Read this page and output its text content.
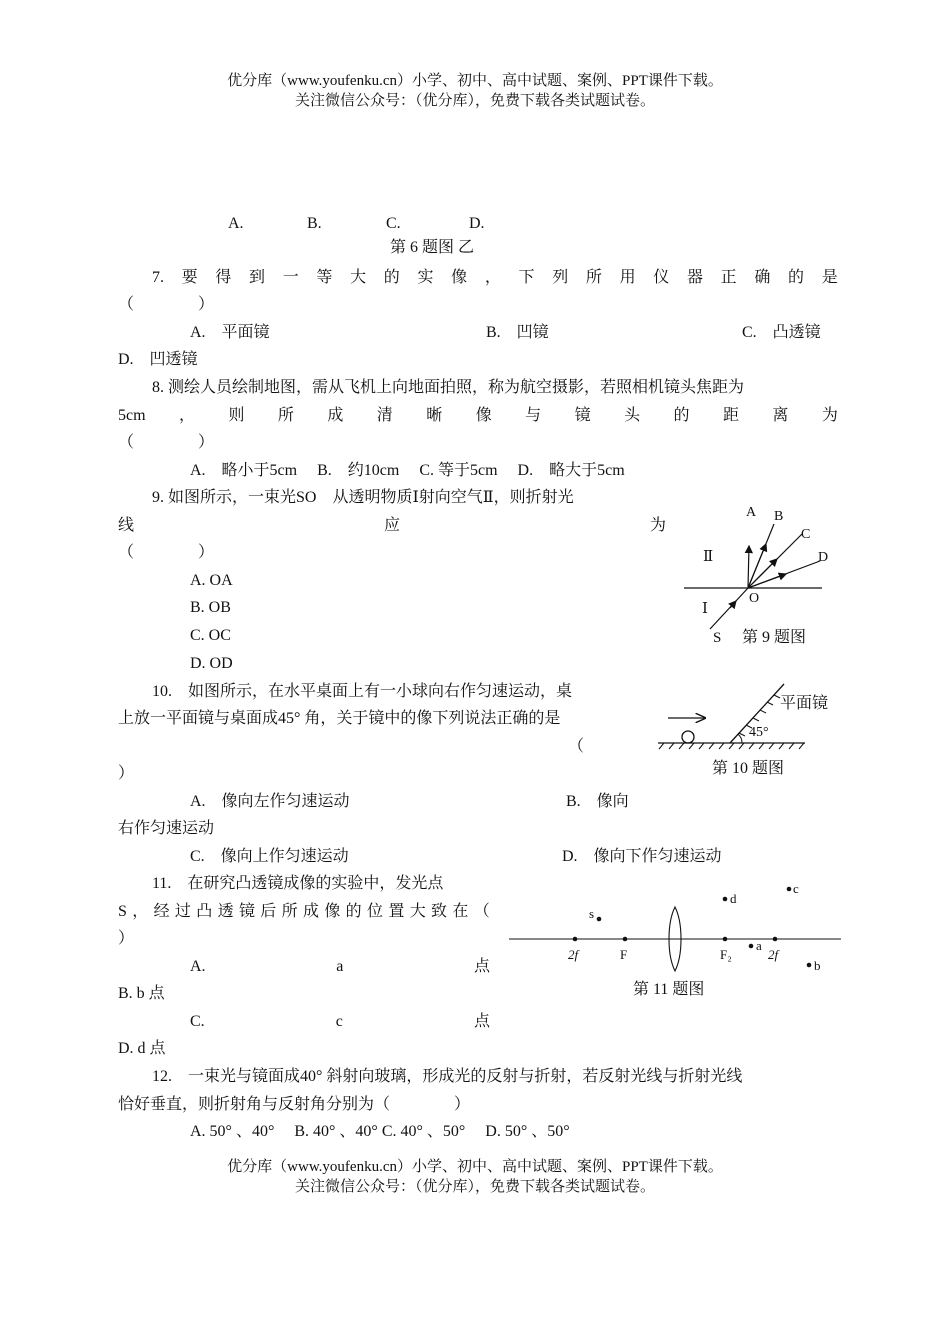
优分库（www.youfenku.cn）小学、初中、高中试题、案例、PPT课件下载。
关注微信公众号：（优分库），免费下载各类试题试卷。
A.	B.	C.	D.
第 6 题图 乙
7. 要 得 到 一 等 大 的 实 像 ， 下 列 所 用 仪 器 正 确 的 是
（　　　　）
A.　平面镜	B.　凹镜	C.　凸透镜
D.　凹透镜
8. 测绘人员绘制地图，需从飞机上向地面拍照，称为航空摄影，若照相机镜头焦距为
5cm ， 则 所 成 清 晰 像 与 镜 头 的 距 离 为
（　　　　）
A.　略小于5cm　 B.　约10cm　 C. 等于5cm　 D.　略大于5cm
9. 如图所示，一束光SO　从透明物质Ⅰ射向空气Ⅱ，则折射光
线	应	为
（　　　　）
A. OA
B. OB
C. OC
D. OD
A B
C
D
O
Ⅱ
Ⅰ
S 第 9 题图
10.　如图所示，在水平桌面上有一小球向右作匀速运动，桌
上放一平面镜与桌面成45° 角，关于镜中的像下列说法正确的是
（
）
A.　像向左作匀速运动	B.　像向
右作匀速运动
C.　像向上作匀速运动	D.　像向下作匀速运动
45°
平面镜
第 10 题图
11.　在研究凸透镜成像的实验中，发光点
S ， 经 过 凸 透 镜 后 所 成 像 的 位 置 大 致 在 （
）
A.	a	点
B. b 点
C.	c	点
D. d 点
2f	F	F₂	2f
s
d
c
a
b
第 11 题图
12.　一束光与镜面成40° 斜射向玻璃，形成光的反射与折射，若反射光线与折射光线
恰好垂直，则折射角与反射角分别为（　　　　）
A. 50° 、40°　 B. 40° 、40° C. 40° 、50°　 D. 50° 、50°
优分库（www.youfenku.cn）小学、初中、高中试题、案例、PPT课件下载。
关注微信公众号：（优分库），免费下载各类试题试卷。
